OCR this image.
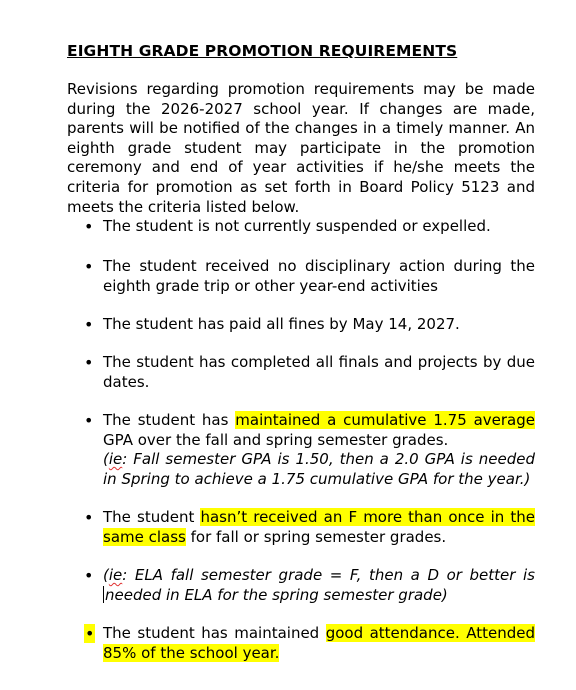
EIGHTH GRADE PROMOTION REQUIREMENTS
Revisions regarding promotion requirements may be made during the 2026-2027 school year. If changes are made, parents will be notified of the changes in a timely manner. An eighth grade student may participate in the promotion ceremony and end of year activities if he/she meets the criteria for promotion as set forth in Board Policy 5123 and meets the criteria listed below.
• The student is not currently suspended or expelled.
• The student received no disciplinary action during the eighth grade trip or other year-end activities
• The student has paid all fines by May 14, 2027.
• The student has completed all finals and projects by due dates.
• The student has maintained a cumulative 1.75 average GPA over the fall and spring semester grades.
(ie: Fall semester GPA is 1.50, then a 2.0 GPA is needed in Spring to achieve a 1.75 cumulative GPA for the year.)
• The student hasn’t received an F more than once in the same class for fall or spring semester grades.
• (ie: ELA fall semester grade = F, then a D or better is
needed in ELA for the spring semester grade)
• The student has maintained good attendance. Attended 85% of the school year.
